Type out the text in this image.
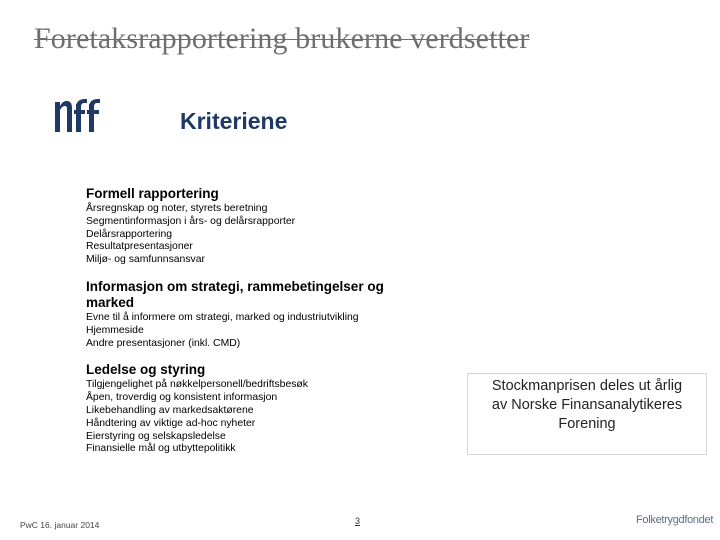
Foretaksrapportering brukerne verdsetter
Kriteriene

Formell rapportering

Årsregnskap og noter, styrets beretning

Segmentinformasjon i års- og delårsrapporter

Delårsrapportering

Resultatpresentasjoner

Miljø- og samfunnsansvar

Informasjon om strategi, rammebetingelser og marked

Evne til å informere om strategi, marked og industriutvikling

Hjemmeside

Andre presentasjoner (inkl. CMD)

Ledelse og styring

Tilgjengelighet på nøkkelpersonell/bedriftsbesøk

Åpen, troverdig og konsistent informasjon

Likebehandling av markedsaktørene

Håndtering av viktige ad-hoc nyheter

Eierstyring og selskapsledelse

Finansielle mål og utbyttepolitikk

Stockmanprisen deles ut årlig
av Norske Finansanalytikeres
Forening
PwC 16. januar 2014	3	Folketrygdfondet
